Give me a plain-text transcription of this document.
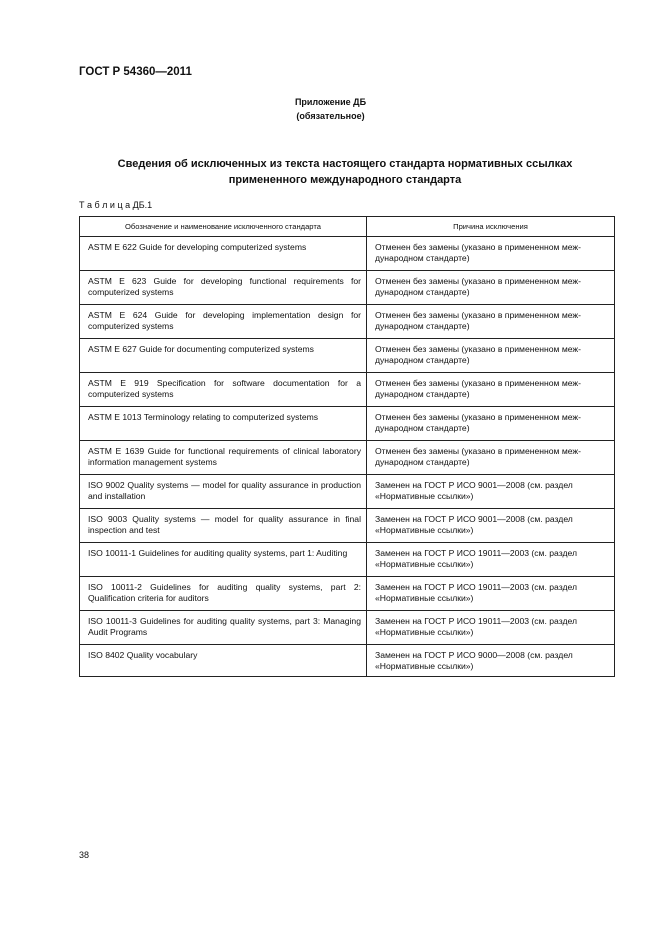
ГОСТ Р 54360—2011
Приложение ДБ
(обязательное)
Сведения об исключенных из текста настоящего стандарта нормативных ссылках
примененного международного стандарта
Т а б л и ц а ДБ.1
Обозначение и наименование исключенного стандарта	Причина исключения
ASTM E 622 Guide for developing computerized systems	Отменен без замены (указано в примененном меж-дународном стандарте)
ASTM E 623 Guide for developing functional requirements for computerized systems	Отменен без замены (указано в примененном меж-дународном стандарте)
ASTM E 624 Guide for developing implementation design for computerized systems	Отменен без замены (указано в примененном меж-дународном стандарте)
ASTM E 627 Guide for documenting computerized systems	Отменен без замены (указано в примененном меж-дународном стандарте)
ASTM E 919 Specification for software documentation for a computerized systems	Отменен без замены (указано в примененном меж-дународном стандарте)
ASTM E 1013 Terminology relating to computerized systems	Отменен без замены (указано в примененном меж-дународном стандарте)
ASTM E 1639 Guide for functional requirements of clinical laboratory information management systems	Отменен без замены (указано в примененном меж-дународном стандарте)
ISO 9002 Quality systems — model for quality assurance in production and installation	Заменен на ГОСТ Р ИСО 9001—2008 (см. раздел «Нормативные ссылки»)
ISO 9003 Quality systems — model for quality assurance in final inspection and test	Заменен на ГОСТ Р ИСО 9001—2008 (см. раздел «Нормативные ссылки»)
ISO 10011-1 Guidelines for auditing quality systems, part 1: Auditing	Заменен на ГОСТ Р ИСО 19011—2003 (см. раздел «Нормативные ссылки»)
ISO 10011-2 Guidelines for auditing quality systems, part 2: Qualification criteria for auditors	Заменен на ГОСТ Р ИСО 19011—2003 (см. раздел «Нормативные ссылки»)
ISO 10011-3 Guidelines for auditing quality systems, part 3: Managing Audit Programs	Заменен на ГОСТ Р ИСО 19011—2003 (см. раздел «Нормативные ссылки»)
ISO 8402 Quality vocabulary	Заменен на ГОСТ Р ИСО 9000—2008 (см. раздел «Нормативные ссылки»)
38
